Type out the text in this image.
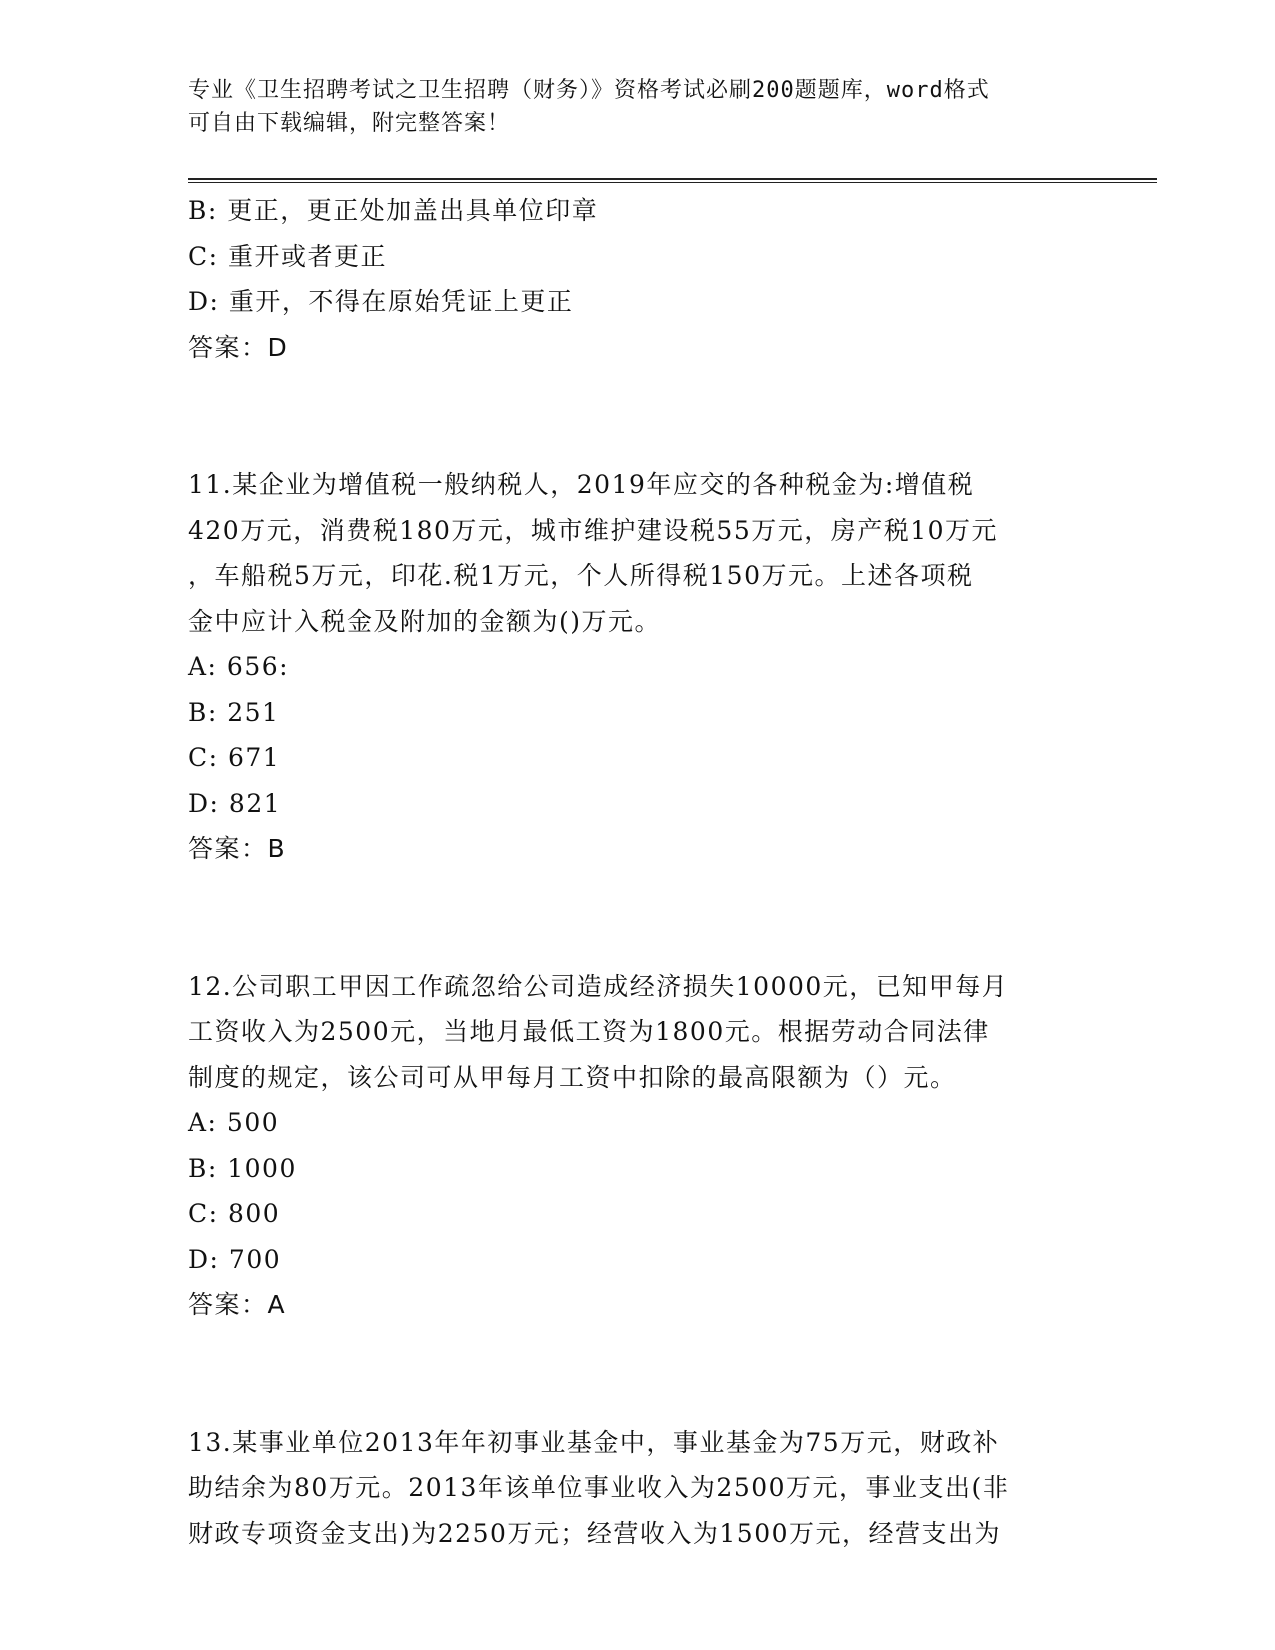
专业《卫生招聘考试之卫生招聘（财务）》资格考试必刷200题题库，word格式
可自由下载编辑，附完整答案！
B: 更正，更正处加盖出具单位印章
C: 重开或者更正
D: 重开，不得在原始凭证上更正
答案：D
11.某企业为增值税一般纳税人，2019年应交的各种税金为:增值税
420万元，消费税180万元，城市维护建设税55万元，房产税10万元
，车船税5万元，印花.税1万元，个人所得税150万元。上述各项税
金中应计入税金及附加的金额为()万元。
A: 656:
B: 251
C: 671
D: 821
答案：B
12.公司职工甲因工作疏忽给公司造成经济损失10000元，已知甲每月
工资收入为2500元，当地月最低工资为1800元。根据劳动合同法律
制度的规定，该公司可从甲每月工资中扣除的最高限额为（）元。
A: 500
B: 1000
C: 800
D: 700
答案：A
13.某事业单位2013年年初事业基金中，事业基金为75万元，财政补
助结余为80万元。2013年该单位事业收入为2500万元，事业支出(非
财政专项资金支出)为2250万元；经营收入为1500万元，经营支出为
